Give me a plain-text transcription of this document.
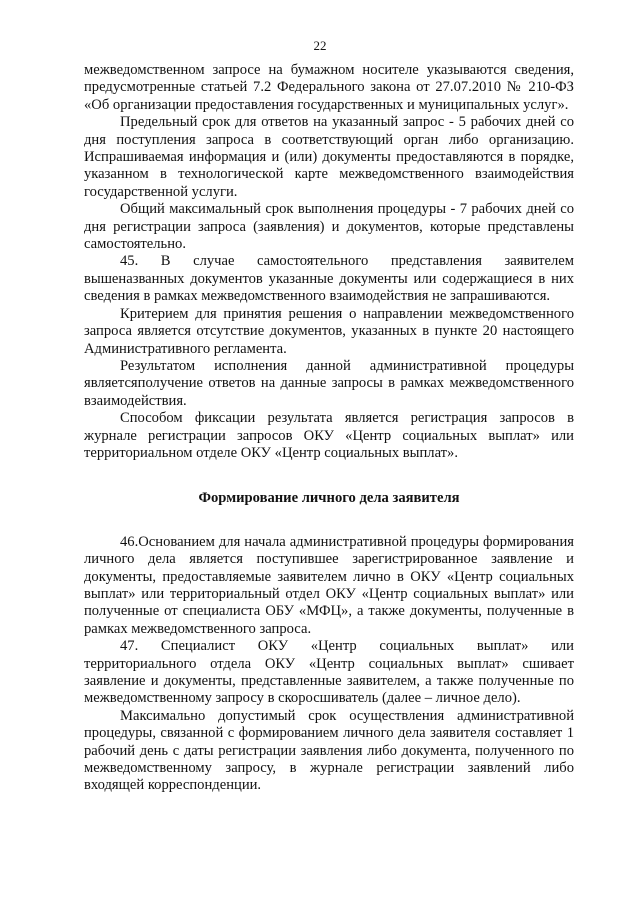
22

межведомственном запросе на бумажном носителе указываются сведения, предусмотренные статьей 7.2 Федерального закона от 27.07.2010 № 210-ФЗ «Об организации предоставления государственных и муниципальных услуг».

Предельный срок для ответов на указанный запрос - 5 рабочих дней со дня поступления запроса в соответствующий орган либо организацию. Испрашиваемая информация и (или) документы предоставляются в порядке, указанном в технологической карте межведомственного взаимодействия государственной услуги.

Общий максимальный срок выполнения процедуры - 7 рабочих дней со дня регистрации запроса (заявления) и документов, которые представлены самостоятельно.

45. В случае самостоятельного представления заявителем вышеназванных документов указанные документы или содержащиеся в них сведения в рамках межведомственного взаимодействия не запрашиваются.

Критерием для принятия решения о направлении межведомственного запроса является отсутствие документов, указанных в пункте 20 настоящего Административного регламента.

Результатом исполнения данной административной процедуры являетсяполучение ответов на данные запросы в рамках межведомственного взаимодействия.

Способом фиксации результата является регистрация запросов в журнале регистрации запросов ОКУ «Центр социальных выплат» или территориальном отделе ОКУ «Центр социальных выплат».

Формирование личного дела заявителя

46.Основанием для начала административной процедуры формирования личного дела является поступившее зарегистрированное заявление и документы, предоставляемые заявителем лично в ОКУ «Центр социальных выплат» или территориальный отдел ОКУ «Центр социальных выплат» или полученные от специалиста ОБУ «МФЦ», а также документы, полученные в рамках межведомственного запроса.

47. Специалист ОКУ «Центр социальных выплат» или территориального отдела ОКУ «Центр социальных выплат» сшивает заявление и документы, представленные заявителем, а также полученные по межведомственному запросу в скоросшиватель (далее – личное дело).

Максимально допустимый срок осуществления административной процедуры, связанной с формированием личного дела заявителя составляет 1 рабочий день с даты регистрации заявления либо документа, полученного по межведомственному запросу, в журнале регистрации заявлений либо входящей корреспонденции.
